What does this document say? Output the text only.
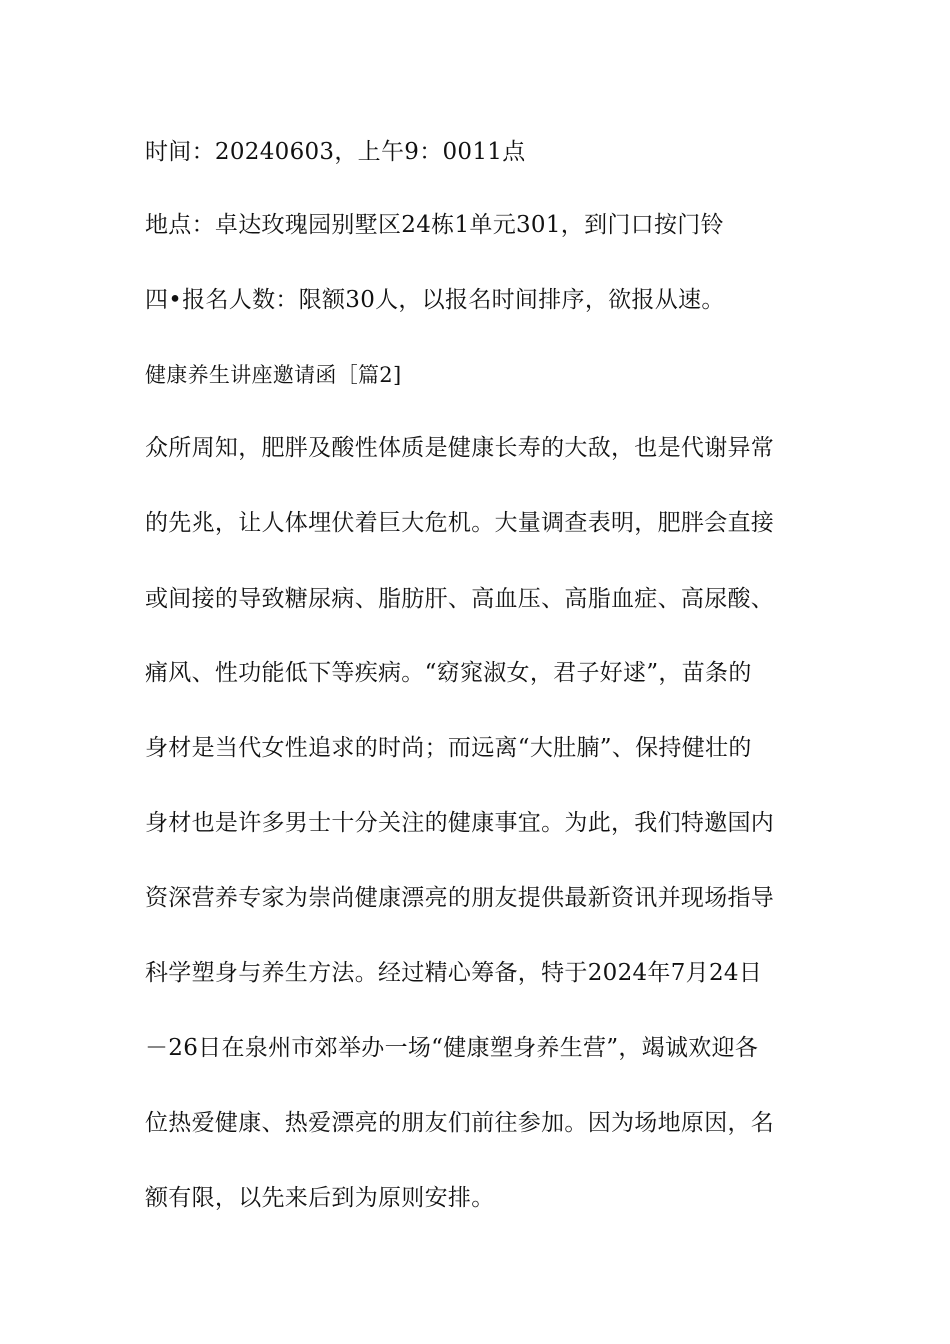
时间：20240603，上午9：0011点
地点：卓达玫瑰园别墅区24栋1单元301，到门口按门铃
四•报名人数：限额30人，以报名时间排序，欲报从速。
健康养生讲座邀请函［篇2]
众所周知，肥胖及酸性体质是健康长寿的大敌，也是代谢异常
的先兆，让人体埋伏着巨大危机。大量调查表明，肥胖会直接
或间接的导致糖尿病、脂肪肝、高血压、高脂血症、高尿酸、
痛风、性功能低下等疾病。“窈窕淑女，君子好逑”，苗条的
身材是当代女性追求的时尚；而远离“大肚腩”、保持健壮的
身材也是许多男士十分关注的健康事宜。为此，我们特邀国内
资深营养专家为崇尚健康漂亮的朋友提供最新资讯并现场指导
科学塑身与养生方法。经过精心筹备，特于2024年7月24日
－26日在泉州市郊举办一场“健康塑身养生营”，竭诚欢迎各
位热爱健康、热爱漂亮的朋友们前往参加。因为场地原因，名
额有限，以先来后到为原则安排。
